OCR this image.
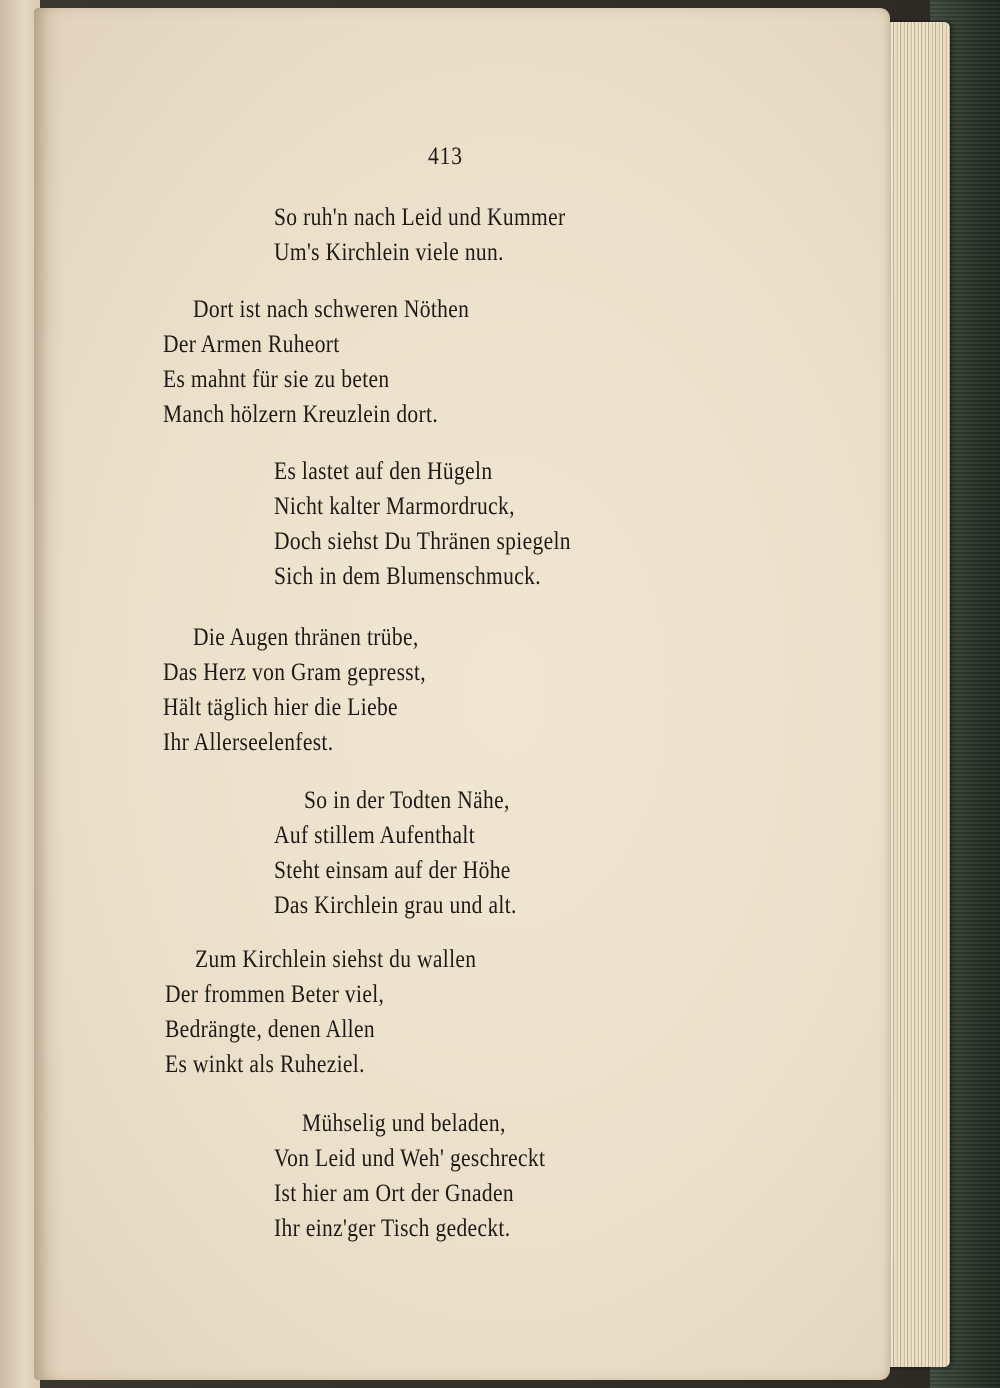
413
So ruh'n nach Leid und Kummer
Um's Kirchlein viele nun.
Dort ist nach schweren Nöthen
Der Armen Ruheort
Es mahnt für sie zu beten
Manch hölzern Kreuzlein dort.
Es lastet auf den Hügeln
Nicht kalter Marmordruck,
Doch siehst Du Thränen spiegeln
Sich in dem Blumenschmuck.
Die Augen thränen trübe,
Das Herz von Gram gepresst,
Hält täglich hier die Liebe
Ihr Allerseelenfest.
So in der Todten Nähe,
Auf stillem Aufenthalt
Steht einsam auf der Höhe
Das Kirchlein grau und alt.
Zum Kirchlein siehst du wallen
Der frommen Beter viel,
Bedrängte, denen Allen
Es winkt als Ruheziel.
Mühselig und beladen,
Von Leid und Weh' geschreckt
Ist hier am Ort der Gnaden
Ihr einz'ger Tisch gedeckt.
